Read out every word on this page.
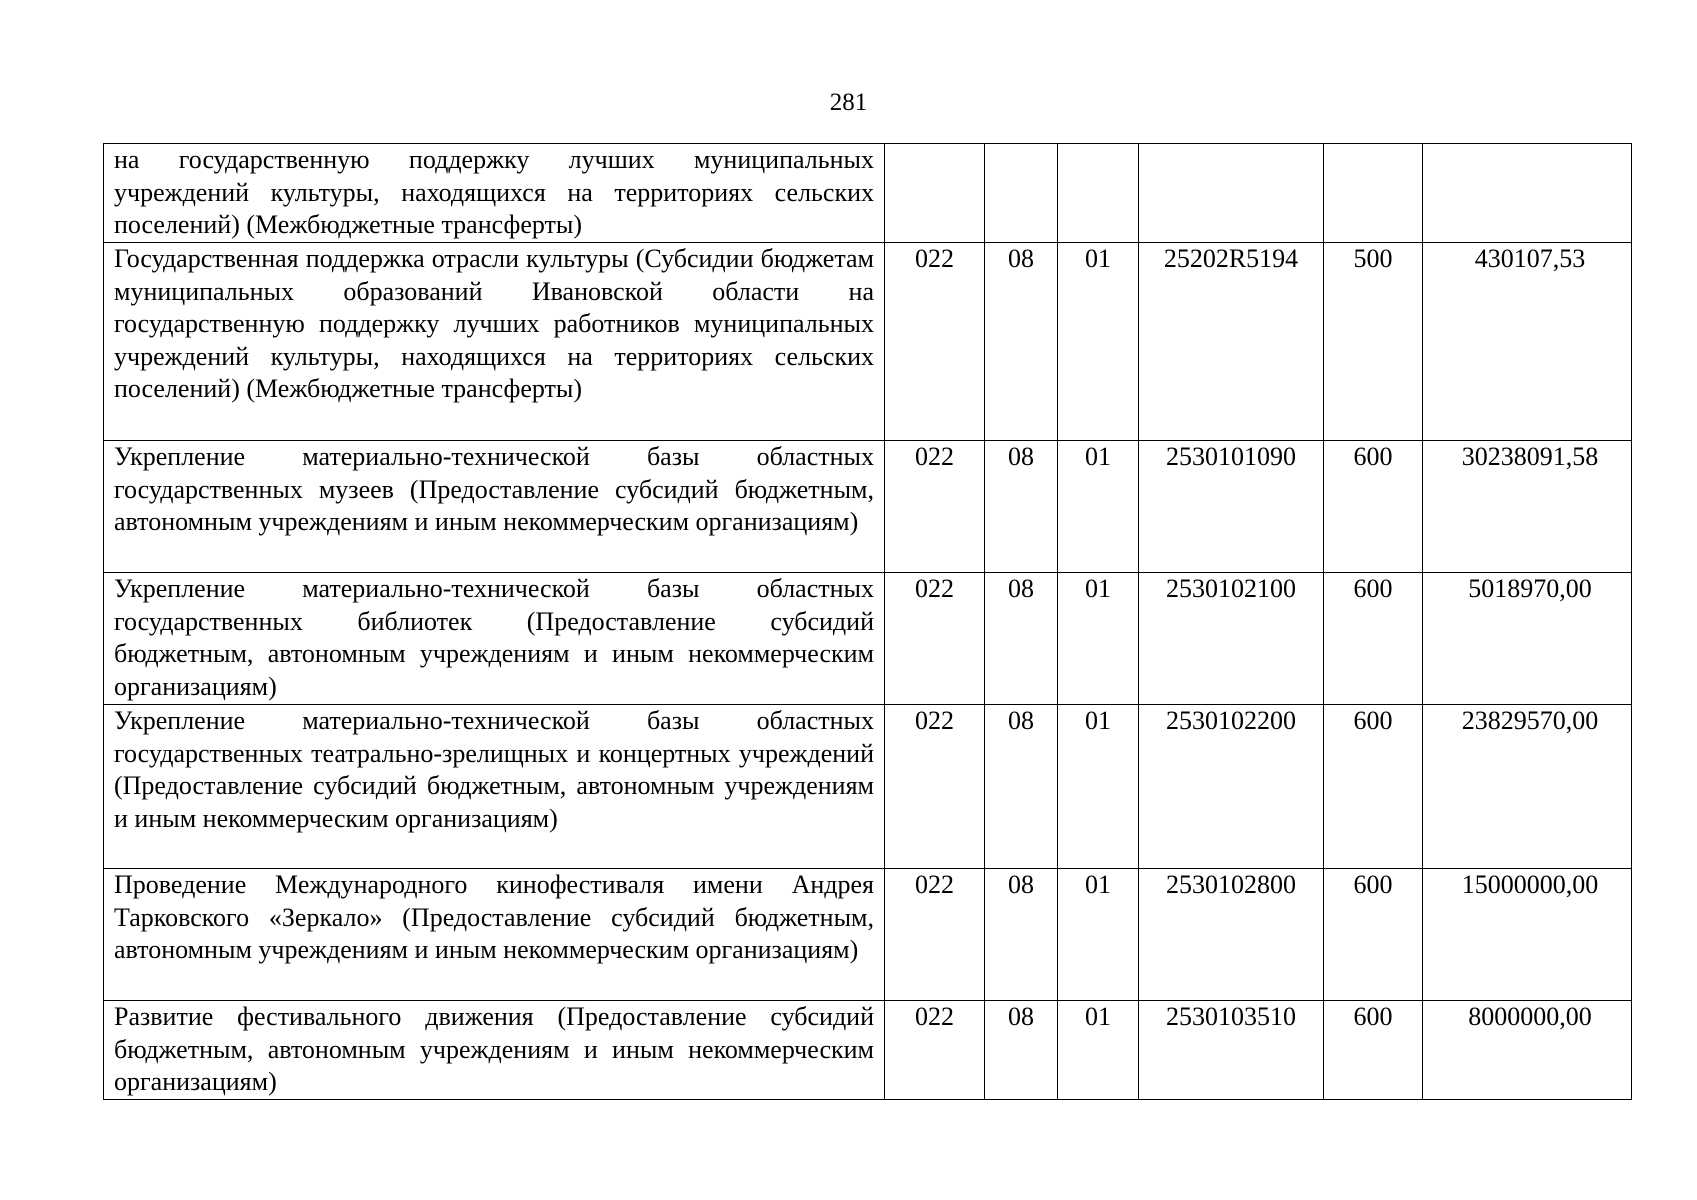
281
на государственную поддержку лучших муниципальных учреждений культуры, находящихся на территориях сельских поселений) (Межбюджетные трансферты)						
Государственная поддержка отрасли культуры (Субсидии бюджетам муниципальных образований Ивановской области на государственную поддержку лучших работников муниципальных учреждений культуры, находящихся на территориях сельских поселений) (Межбюджетные трансферты)	022	08	01	25202R5194	500	430107,53
Укрепление материально-технической базы областных государственных музеев (Предоставление субсидий бюджетным, автономным учреждениям и иным некоммерческим организациям)	022	08	01	2530101090	600	30238091,58
Укрепление материально-технической базы областных государственных библиотек (Предоставление субсидий бюджетным, автономным учреждениям и иным некоммерческим организациям)	022	08	01	2530102100	600	5018970,00
Укрепление материально-технической базы областных государственных театрально-зрелищных и концертных учреждений (Предоставление субсидий бюджетным, автономным учреждениям и иным некоммерческим организациям)	022	08	01	2530102200	600	23829570,00
Проведение Международного кинофестиваля имени Андрея Тарковского «Зеркало» (Предоставление субсидий бюджетным, автономным учреждениям и иным некоммерческим организациям)	022	08	01	2530102800	600	15000000,00
Развитие фестивального движения (Предоставление субсидий бюджетным, автономным учреждениям и иным некоммерческим организациям)	022	08	01	2530103510	600	8000000,00
